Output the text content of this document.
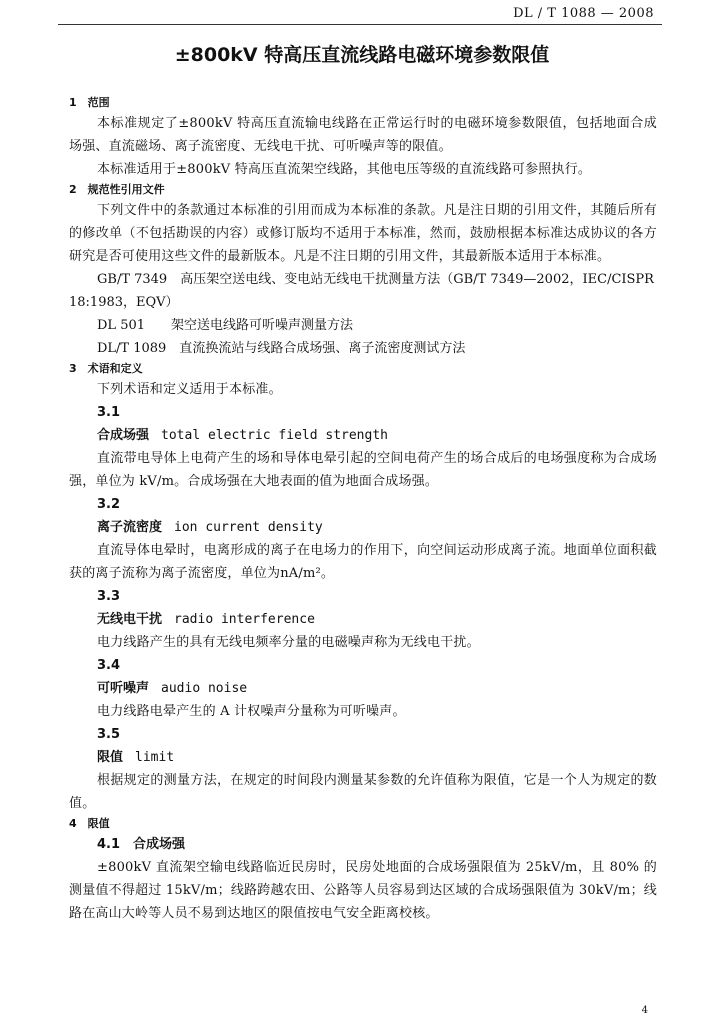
DL / T 1088 — 2008
±800kV 特高压直流线路电磁环境参数限值
1　范围

本标准规定了±800kV 特高压直流输电线路在正常运行时的电磁环境参数限值，包括地面合成场强、直流磁场、离子流密度、无线电干扰、可听噪声等的限值。

本标准适用于±800kV 特高压直流架空线路，其他电压等级的直流线路可参照执行。

2　规范性引用文件

下列文件中的条款通过本标准的引用而成为本标准的条款。凡是注日期的引用文件，其随后所有的修改单（不包括勘误的内容）或修订版均不适用于本标准，然而，鼓励根据本标准达成协议的各方研究是否可使用这些文件的最新版本。凡是不注日期的引用文件，其最新版本适用于本标准。

GB/T 7349　高压架空送电线、变电站无线电干扰测量方法（GB/T 7349—2002，IEC/CISPR 18:1983，EQV）

DL 501　　架空送电线路可听噪声测量方法

DL/T 1089　直流换流站与线路合成场强、离子流密度测试方法

3　术语和定义

下列术语和定义适用于本标准。

3.1
合成场强 total electric field strength

直流带电导体上电荷产生的场和导体电晕引起的空间电荷产生的场合成后的电场强度称为合成场强，单位为 kV/m。合成场强在大地表面的值为地面合成场强。

3.2
离子流密度 ion current density

直流导体电晕时，电离形成的离子在电场力的作用下，向空间运动形成离子流。地面单位面积截获的离子流称为离子流密度，单位为nA/m²。

3.3
无线电干扰 radio interference

电力线路产生的具有无线电频率分量的电磁噪声称为无线电干扰。

3.4
可听噪声 audio noise

电力线路电晕产生的 A 计权噪声分量称为可听噪声。

3.5
限值 limit

根据规定的测量方法，在规定的时间段内测量某参数的允许值称为限值，它是一个人为规定的数值。

4　限值
4.1　合成场强

±800kV 直流架空输电线路临近民房时，民房处地面的合成场强限值为 25kV/m，且 80% 的测量值不得超过 15kV/m；线路跨越农田、公路等人员容易到达区域的合成场强限值为 30kV/m；线路在高山大岭等人员不易到达地区的限值按电气安全距离校核。

4
